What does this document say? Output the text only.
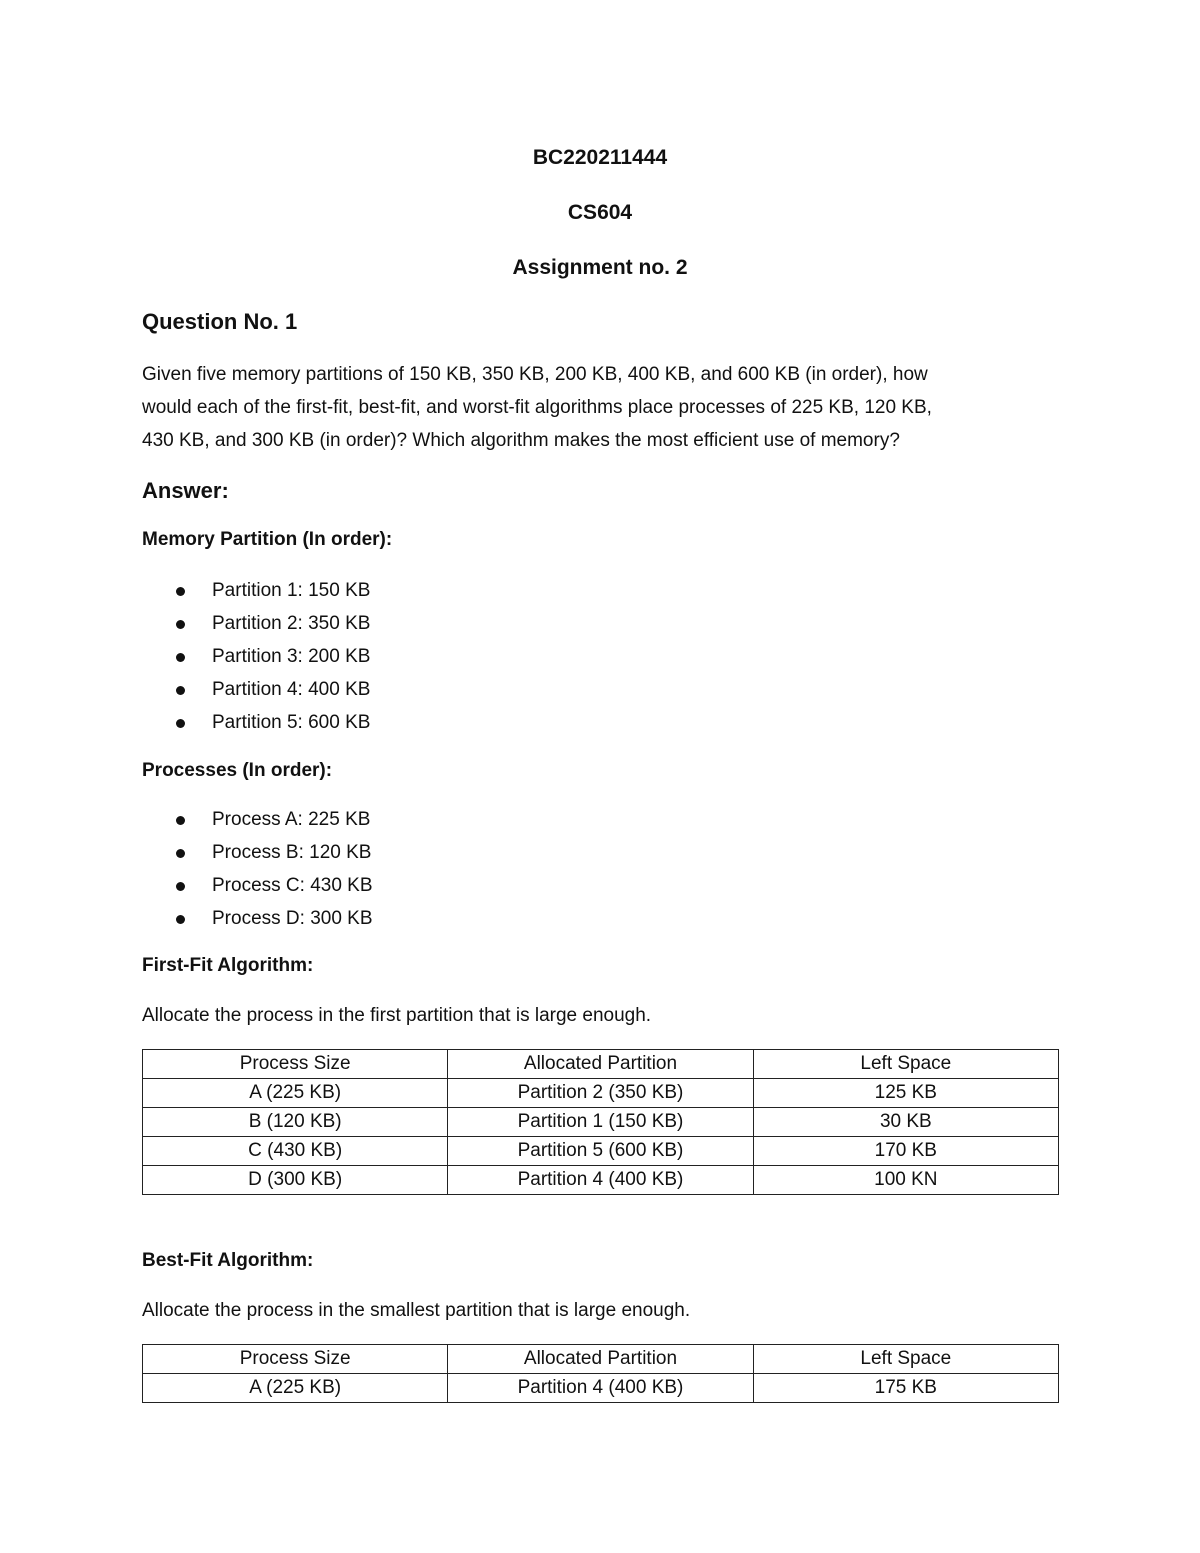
BC220211444

CS604

Assignment no. 2

Question No. 1

Given five memory partitions of 150 KB, 350 KB, 200 KB, 400 KB, and 600 KB (in order), how
would each of the first-fit, best-fit, and worst-fit algorithms place processes of 225 KB, 120 KB,
430 KB, and 300 KB (in order)? Which algorithm makes the most efficient use of memory?

Answer:

Memory Partition (In order):

Partition 1: 150 KB
Partition 2: 350 KB
Partition 3: 200 KB
Partition 4: 400 KB
Partition 5: 600 KB

Processes (In order):

Process A: 225 KB
Process B: 120 KB
Process C: 430 KB
Process D: 300 KB

First-Fit Algorithm:

Allocate the process in the first partition that is large enough.

Process Size	Allocated Partition	Left Space
A (225 KB)	Partition 2 (350 KB)	125 KB
B (120 KB)	Partition 1 (150 KB)	30 KB
C (430 KB)	Partition 5 (600 KB)	170 KB
D (300 KB)	Partition 4 (400 KB)	100 KN

Best-Fit Algorithm:

Allocate the process in the smallest partition that is large enough.

Process Size	Allocated Partition	Left Space
A (225 KB)	Partition 4 (400 KB)	175 KB
